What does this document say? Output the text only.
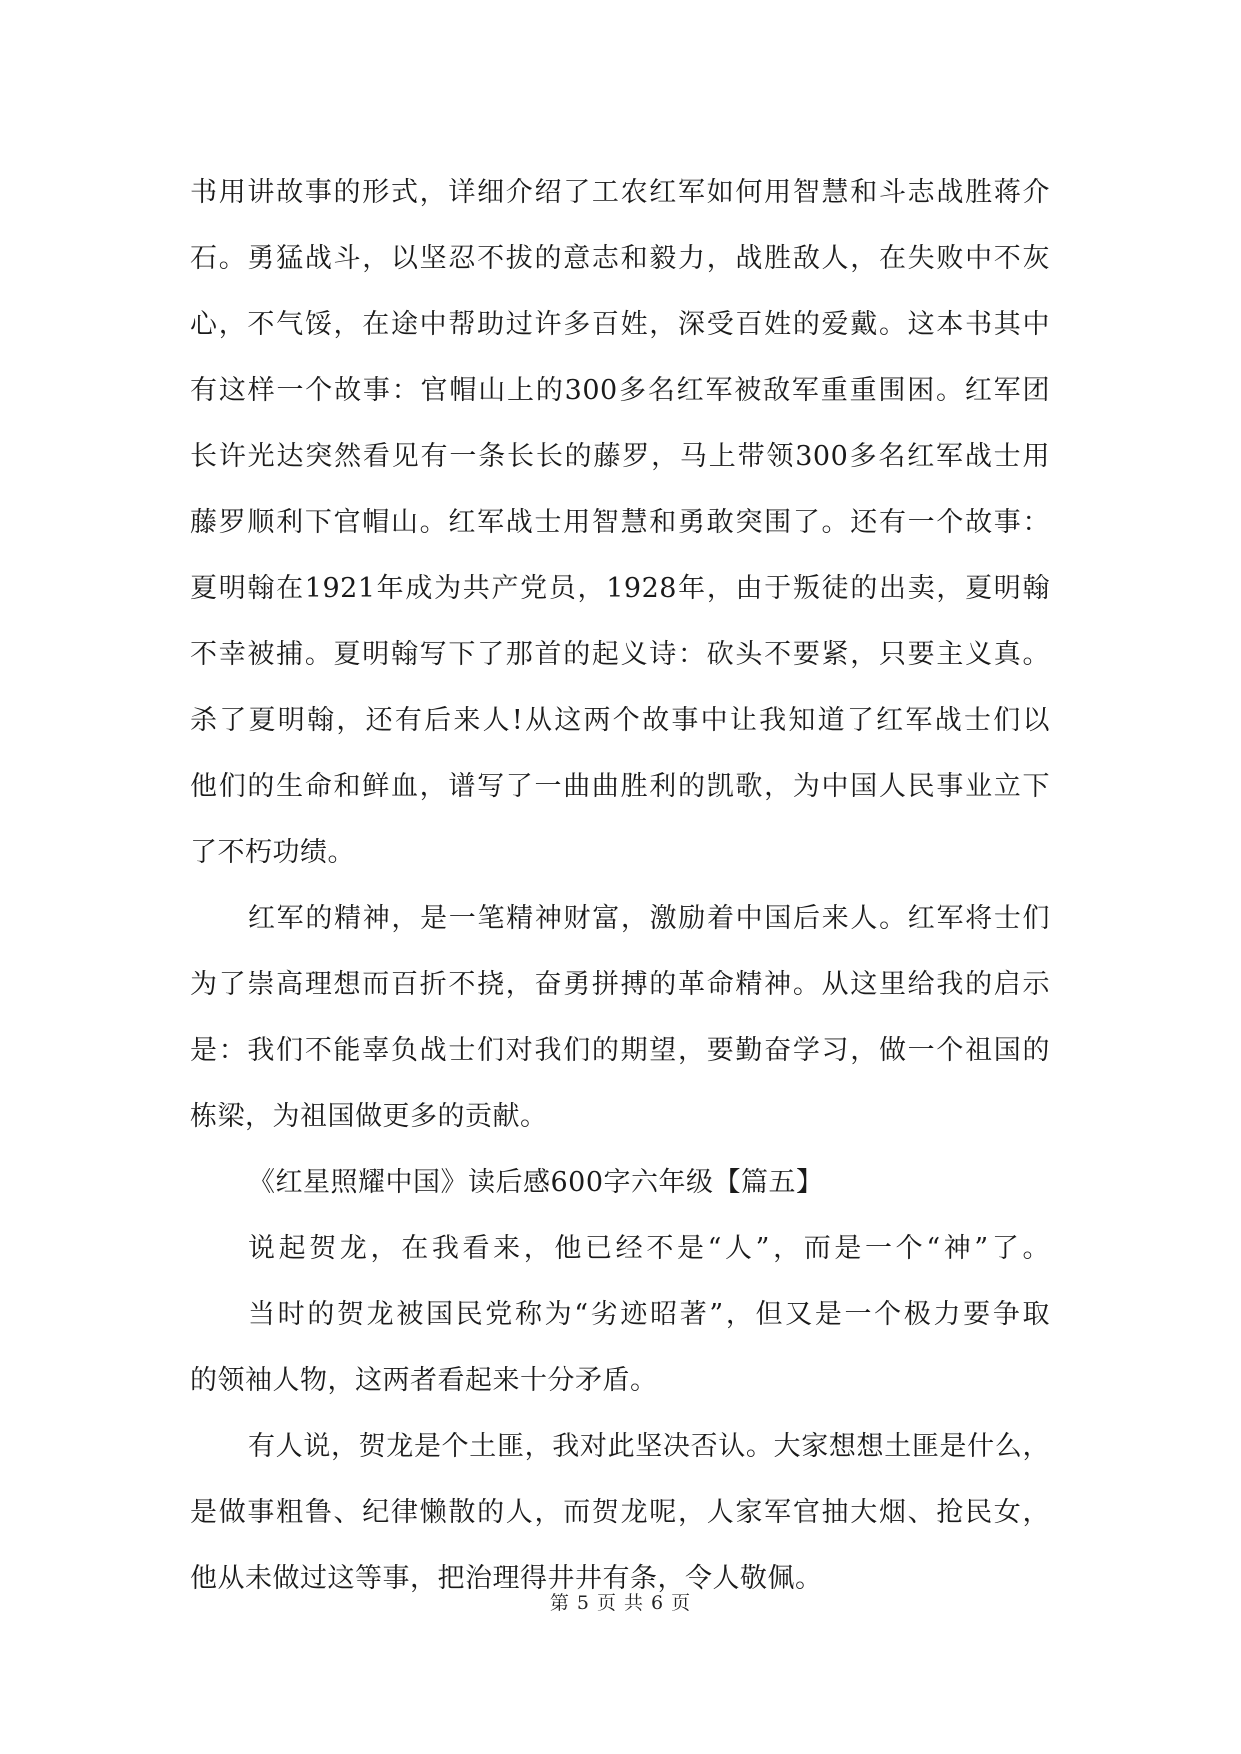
书用讲故事的形式，详细介绍了工农红军如何用智慧和斗志战胜蒋介
石。勇猛战斗，以坚忍不拔的意志和毅力，战胜敌人，在失败中不灰
心，不气馁，在途中帮助过许多百姓，深受百姓的爱戴。这本书其中
有这样一个故事：官帽山上的300多名红军被敌军重重围困。红军团
长许光达突然看见有一条长长的藤罗，马上带领300多名红军战士用
藤罗顺利下官帽山。红军战士用智慧和勇敢突围了。还有一个故事：
夏明翰在1921年成为共产党员，1928年，由于叛徒的出卖，夏明翰
不幸被捕。夏明翰写下了那首的起义诗：砍头不要紧，只要主义真。
杀了夏明翰，还有后来人!从这两个故事中让我知道了红军战士们以
他们的生命和鲜血，谱写了一曲曲胜利的凯歌，为中国人民事业立下
了不朽功绩。
红军的精神，是一笔精神财富，激励着中国后来人。红军将士们
为了崇高理想而百折不挠，奋勇拼搏的革命精神。从这里给我的启示
是：我们不能辜负战士们对我们的期望，要勤奋学习，做一个祖国的
栋梁，为祖国做更多的贡献。
《红星照耀中国》读后感600字六年级【篇五】
说起贺龙，在我看来，他已经不是“人”，而是一个“神”了。
当时的贺龙被国民党称为“劣迹昭著”，但又是一个极力要争取
的领袖人物，这两者看起来十分矛盾。
有人说，贺龙是个土匪，我对此坚决否认。大家想想土匪是什么，
是做事粗鲁、纪律懒散的人，而贺龙呢，人家军官抽大烟、抢民女，
他从未做过这等事，把治理得井井有条，令人敬佩。
第 5 页 共 6 页
